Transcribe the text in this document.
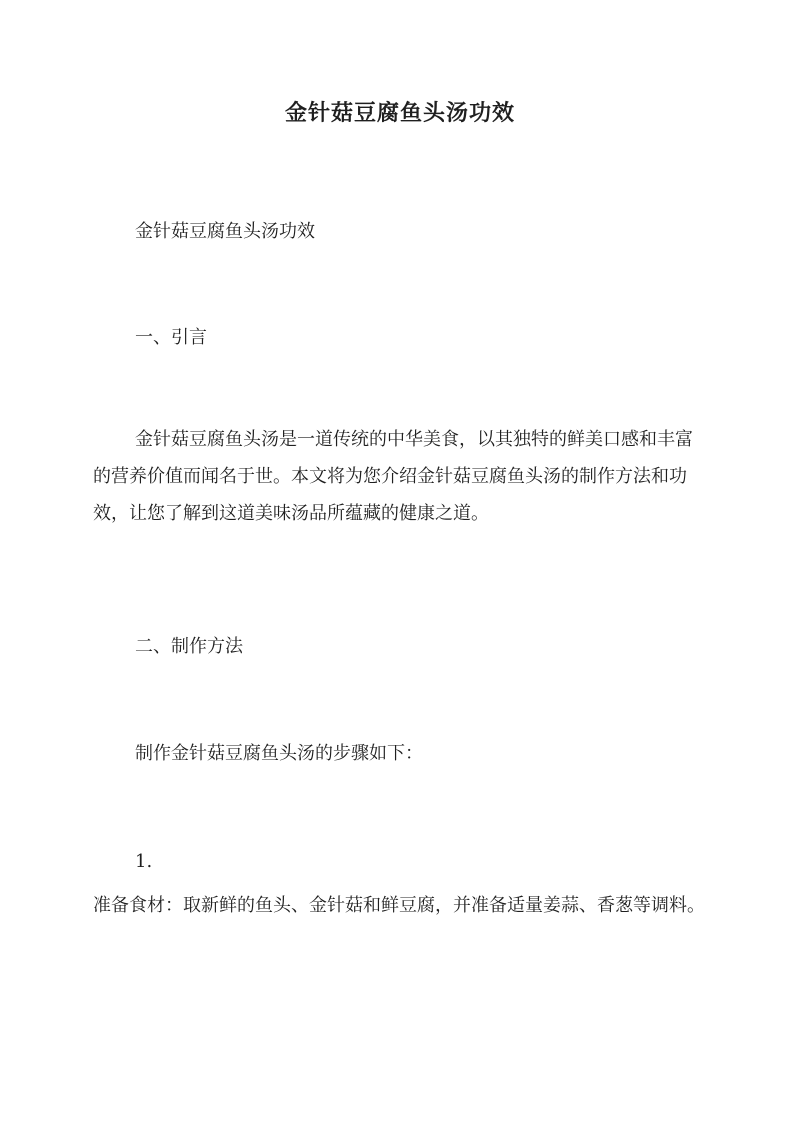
金针菇豆腐鱼头汤功效

金针菇豆腐鱼头汤功效

一、引言

金针菇豆腐鱼头汤是一道传统的中华美食，以其独特的鲜美口感和丰富的营养价值而闻名于世。本文将为您介绍金针菇豆腐鱼头汤的制作方法和功效，让您了解到这道美味汤品所蕴藏的健康之道。

二、制作方法

制作金针菇豆腐鱼头汤的步骤如下：

1.

准备食材：取新鲜的鱼头、金针菇和鲜豆腐，并准备适量姜蒜、香葱等调料。
